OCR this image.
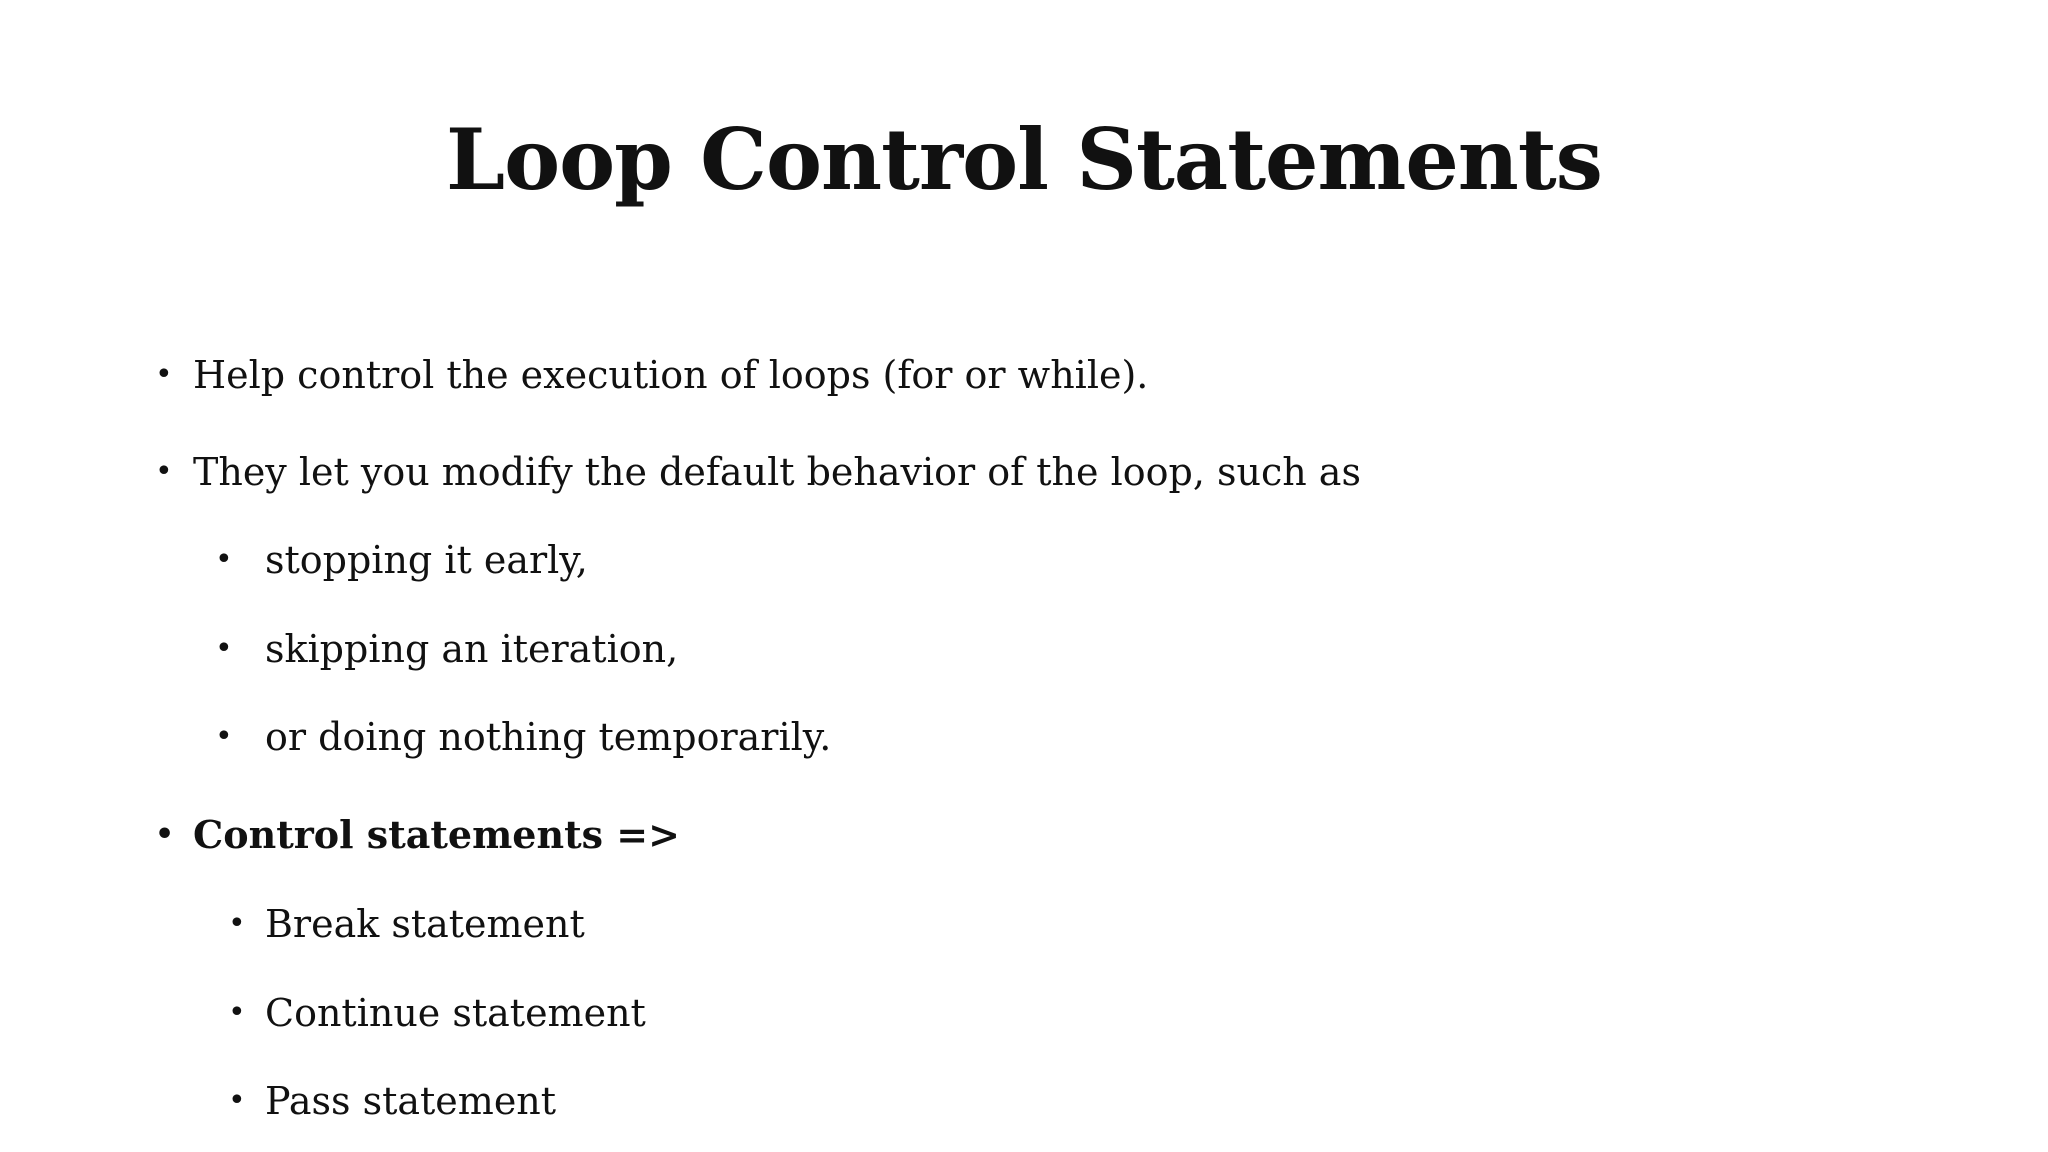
Loop Control Statements
• Help control the execution of loops (for or while).
• They let you modify the default behavior of the loop, such as
• stopping it early,
• skipping an iteration,
• or doing nothing temporarily.
• Control statements =>
• Break statement
• Continue statement
• Pass statement
